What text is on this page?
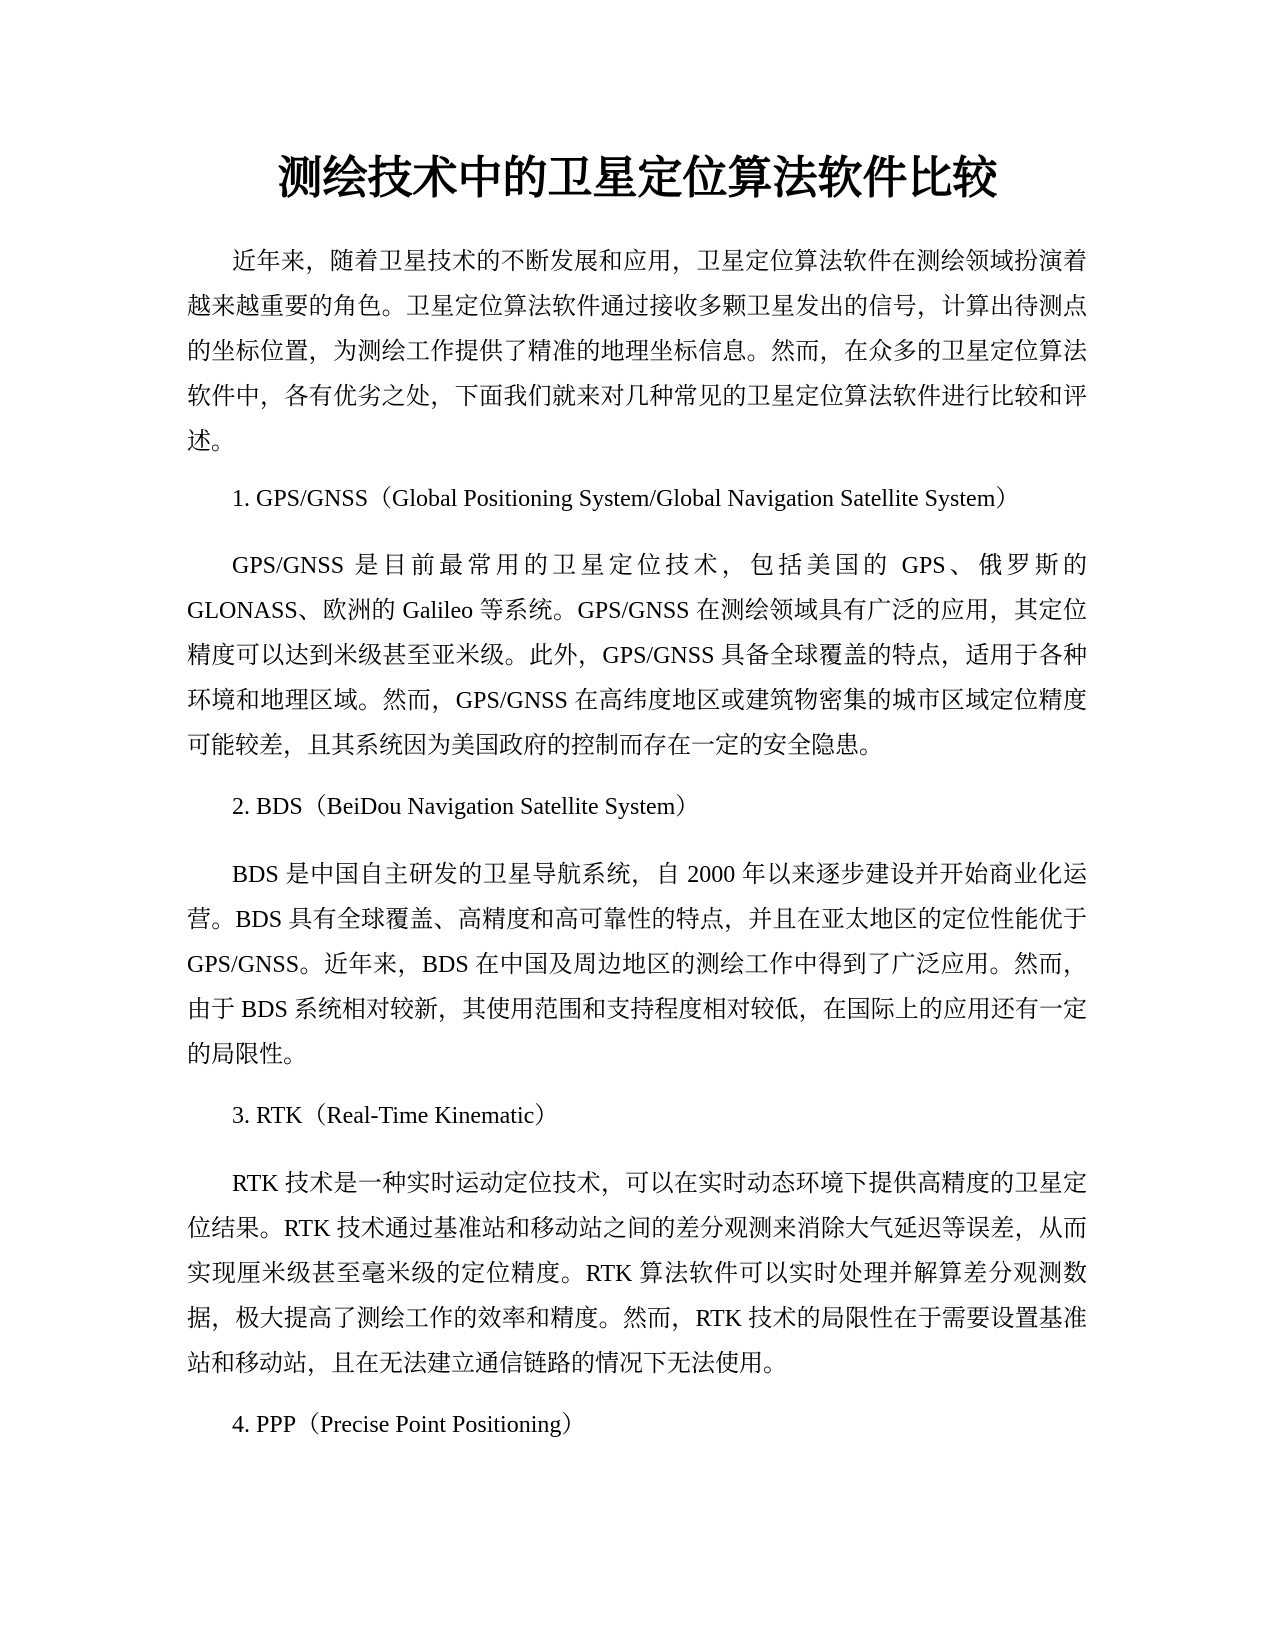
测绘技术中的卫星定位算法软件比较

近年来，随着卫星技术的不断发展和应用，卫星定位算法软件在测绘领域扮演着越来越重要的角色。卫星定位算法软件通过接收多颗卫星发出的信号，计算出待测点的坐标位置，为测绘工作提供了精准的地理坐标信息。然而，在众多的卫星定位算法软件中，各有优劣之处，下面我们就来对几种常见的卫星定位算法软件进行比较和评述。

1. GPS/GNSS（Global Positioning System/Global Navigation Satellite System）

GPS/GNSS 是目前最常用的卫星定位技术，包括美国的 GPS、俄罗斯的 GLONASS、欧洲的 Galileo 等系统。GPS/GNSS 在测绘领域具有广泛的应用，其定位精度可以达到米级甚至亚米级。此外，GPS/GNSS 具备全球覆盖的特点，适用于各种环境和地理区域。然而，GPS/GNSS 在高纬度地区或建筑物密集的城市区域定位精度可能较差，且其系统因为美国政府的控制而存在一定的安全隐患。

2. BDS（BeiDou Navigation Satellite System）

BDS 是中国自主研发的卫星导航系统，自 2000 年以来逐步建设并开始商业化运营。BDS 具有全球覆盖、高精度和高可靠性的特点，并且在亚太地区的定位性能优于 GPS/GNSS。近年来，BDS 在中国及周边地区的测绘工作中得到了广泛应用。然而，由于 BDS 系统相对较新，其使用范围和支持程度相对较低，在国际上的应用还有一定的局限性。

3. RTK（Real-Time Kinematic）

RTK 技术是一种实时运动定位技术，可以在实时动态环境下提供高精度的卫星定位结果。RTK 技术通过基准站和移动站之间的差分观测来消除大气延迟等误差，从而实现厘米级甚至毫米级的定位精度。RTK 算法软件可以实时处理并解算差分观测数据，极大提高了测绘工作的效率和精度。然而，RTK 技术的局限性在于需要设置基准站和移动站，且在无法建立通信链路的情况下无法使用。

4. PPP（Precise Point Positioning）
